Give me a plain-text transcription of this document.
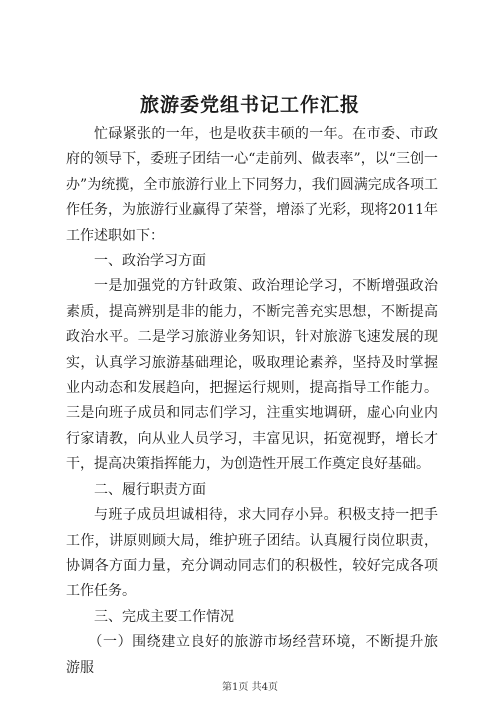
旅游委党组书记工作汇报

忙碌紧张的一年，也是收获丰硕的一年。在市委、市政府的领导下，委班子团结一心“走前列、做表率”，以“三创一办”为统揽，全市旅游行业上下同努力，我们圆满完成各项工作任务，为旅游行业赢得了荣誉，增添了光彩，现将2011年工作述职如下：

一、政治学习方面

一是加强党的方针政策、政治理论学习，不断增强政治素质，提高辨别是非的能力，不断完善充实思想，不断提高政治水平。二是学习旅游业务知识，针对旅游飞速发展的现实，认真学习旅游基础理论，吸取理论素养，坚持及时掌握业内动态和发展趋向，把握运行规则，提高指导工作能力。三是向班子成员和同志们学习，注重实地调研，虚心向业内行家请教，向从业人员学习，丰富见识，拓宽视野，增长才干，提高决策指挥能力，为创造性开展工作奠定良好基础。

二、履行职责方面

与班子成员坦诚相待，求大同存小异。积极支持一把手工作，讲原则顾大局，维护班子团结。认真履行岗位职责，协调各方面力量，充分调动同志们的积极性，较好完成各项工作任务。

三、完成主要工作情况

（一）围绕建立良好的旅游市场经营环境，不断提升旅游服

第1页 共4页
